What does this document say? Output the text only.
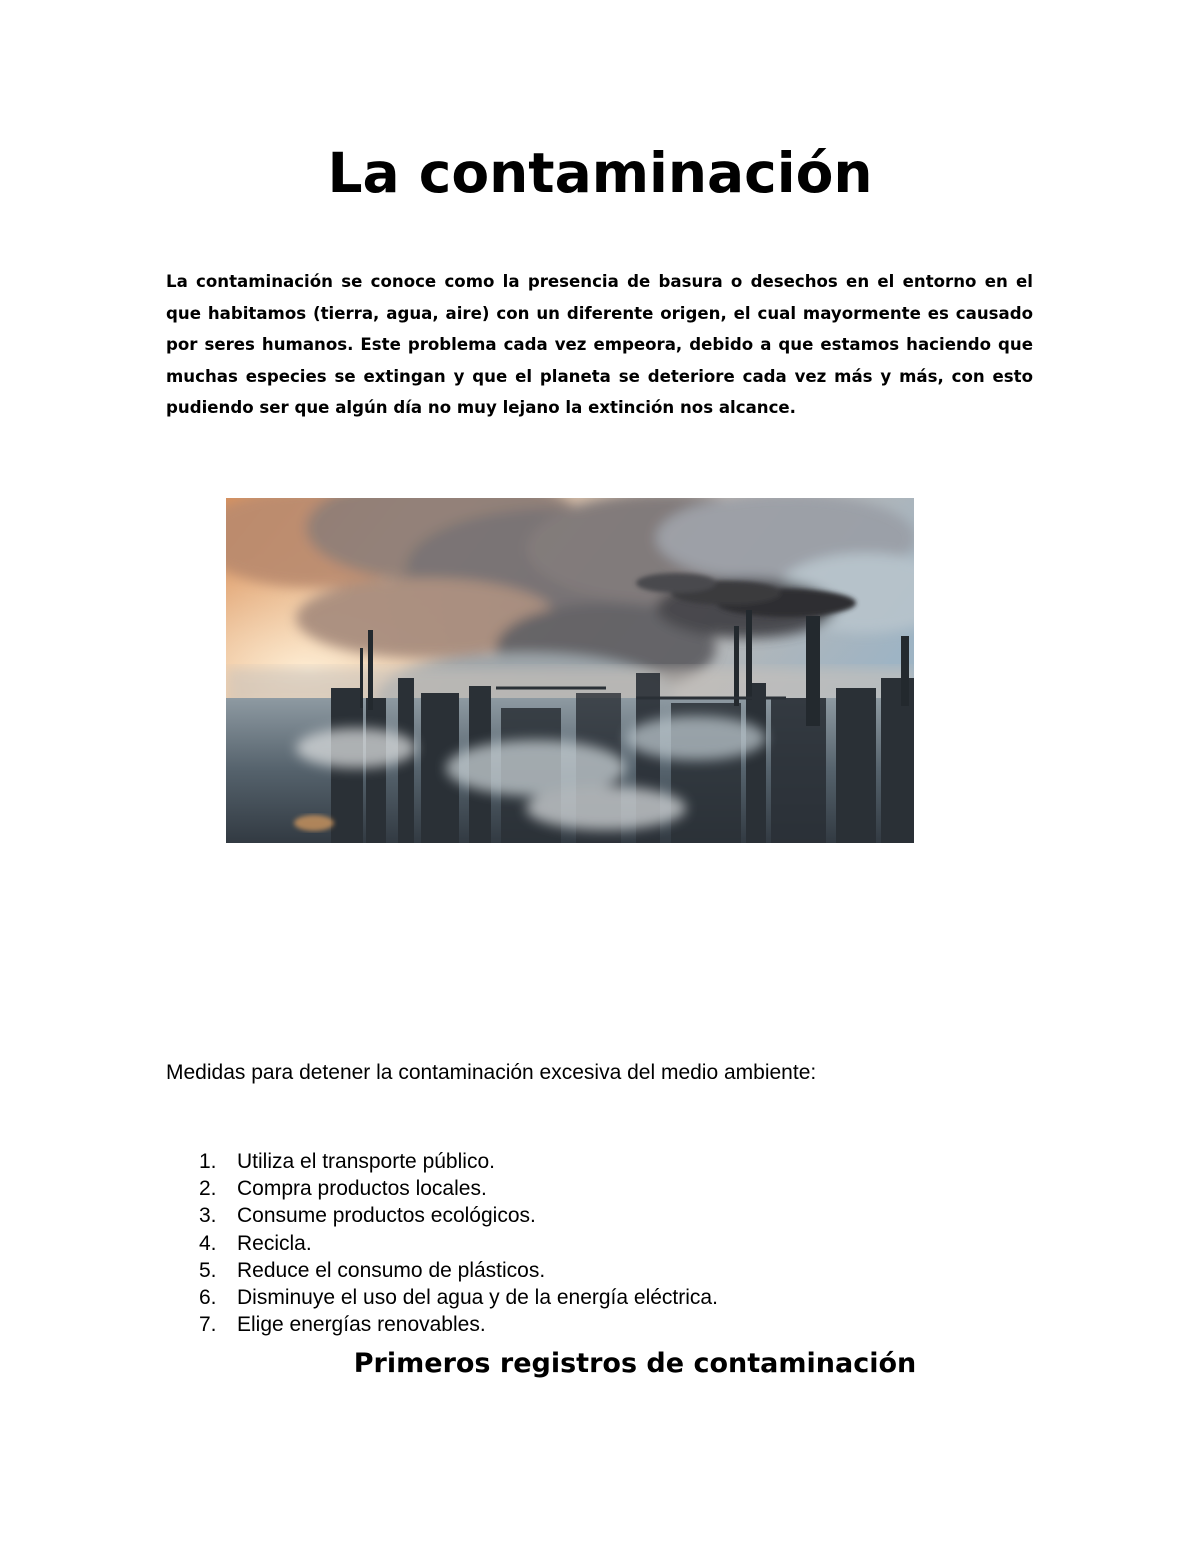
La contaminación

La contaminación se conoce como la presencia de basura o desechos en el entorno en el que habitamos (tierra, agua, aire) con un diferente origen, el cual mayormente es causado por seres humanos. Este problema cada vez empeora, debido a que estamos haciendo que muchas especies se extingan y que el planeta se deteriore cada vez más y más, con esto pudiendo ser que algún día no muy lejano la extinción nos alcance.

Medidas para detener la contaminación excesiva del medio ambiente:

1. Utiliza el transporte público.
2. Compra productos locales.
3. Consume productos ecológicos.
4. Recicla.
5. Reduce el consumo de plásticos.
6. Disminuye el uso del agua y de la energía eléctrica.
7. Elige energías renovables.
Primeros registros de contaminación
